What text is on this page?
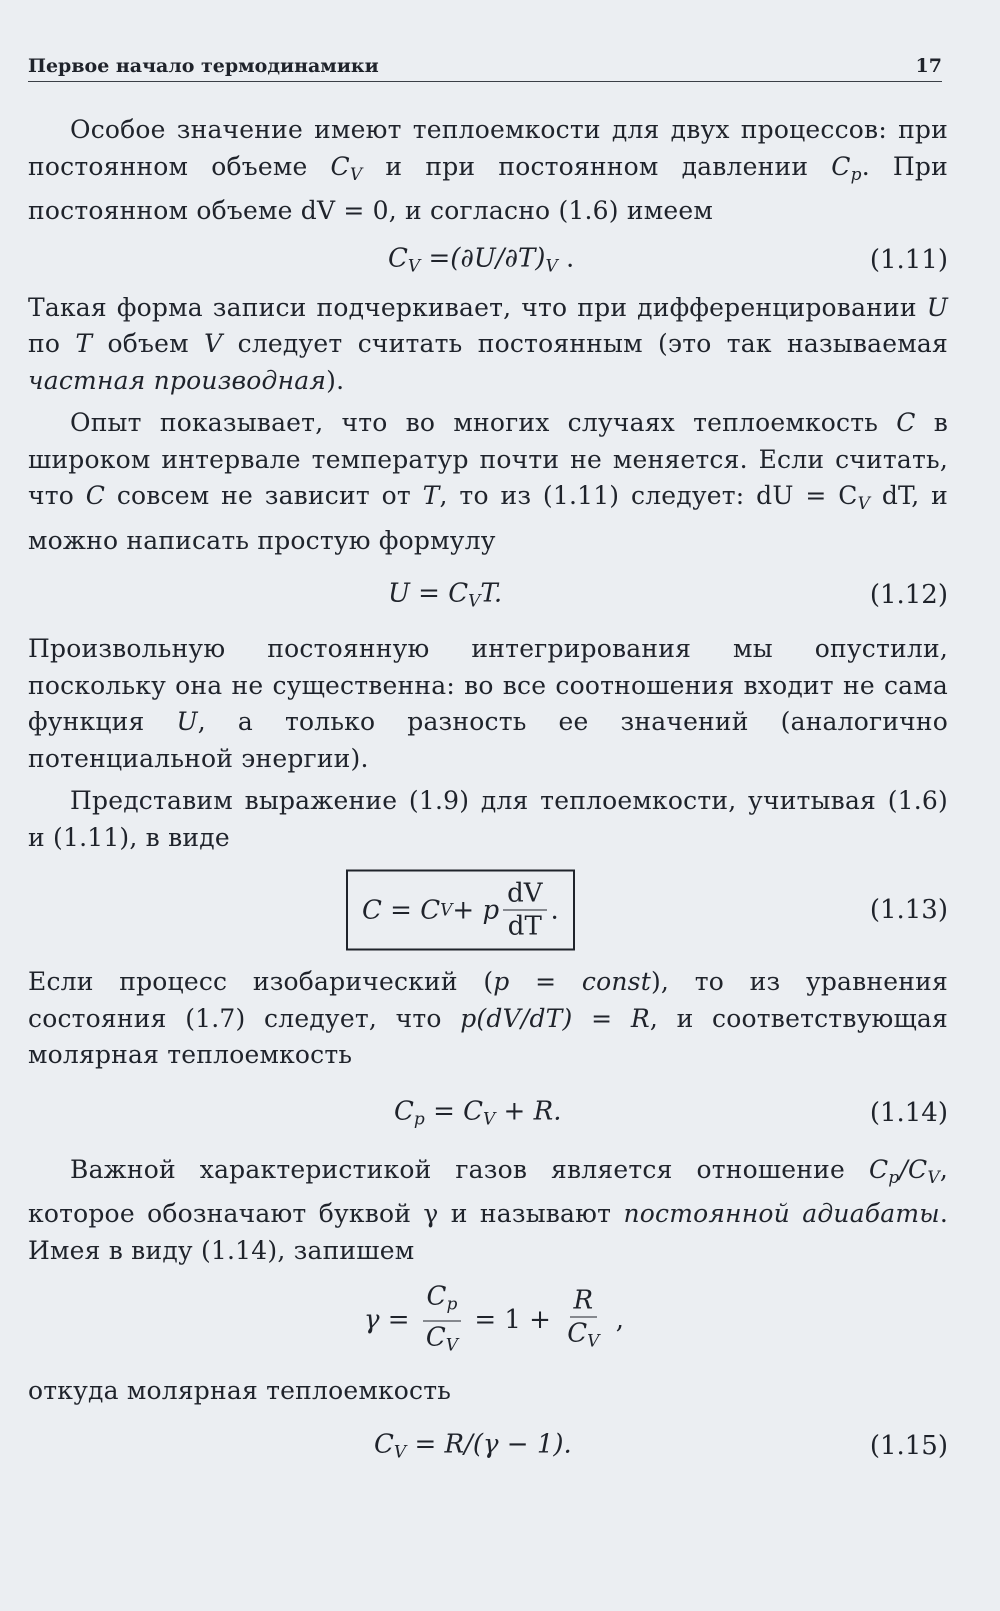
Первое начало термодинамики	17

Особое значение имеют теплоемкости для двух процессов: при постоянном объеме $C_V$ и при постоянном давлении $C_p$. При постоянном объеме dV = 0, и согласно (1.6) имеем

$C_V =(\partial U/\partial T)_V$ .	(1.11)

Такая форма записи подчеркивает, что при дифференцировании U по T объем V следует считать постоянным (это так называемая частная производная).

Опыт показывает, что во многих случаях теплоемкость C в широком интервале температур почти не меняется. Если считать, что C совсем не зависит от T, то из (1.11) следует: dU = $C_V$ dT, и можно написать простую формулу

$U = C_VT$.	(1.12)

Произвольную постоянную интегрирования мы опустили, поскольку она не существенна: во все соотношения входит не сама функция U, а только разность ее значений (аналогично потенциальной энергии).

Представим выражение (1.9) для теплоемкости, учитывая (1.6) и (1.11), в виде

C = C V + p $\frac{dV}{dT}$ .	(1.13)

Если процесс изобарический (p = const), то из уравнения состояния (1.7) следует, что p(dV/dT) = R, и соответствующая молярная теплоемкость

$C_p = C_V + R$.	(1.14)

Важной характеристикой газов является отношение $C_p/C_V$, которое обозначают буквой γ и называют постоянной адиабаты. Имея в виду (1.14), запишем

$\gamma = \frac{C_p}{C_V} = 1 + \frac{R}{C_V}$ ,

откуда молярная теплоемкость

$C_V = R/(\gamma - 1)$.	(1.15)
